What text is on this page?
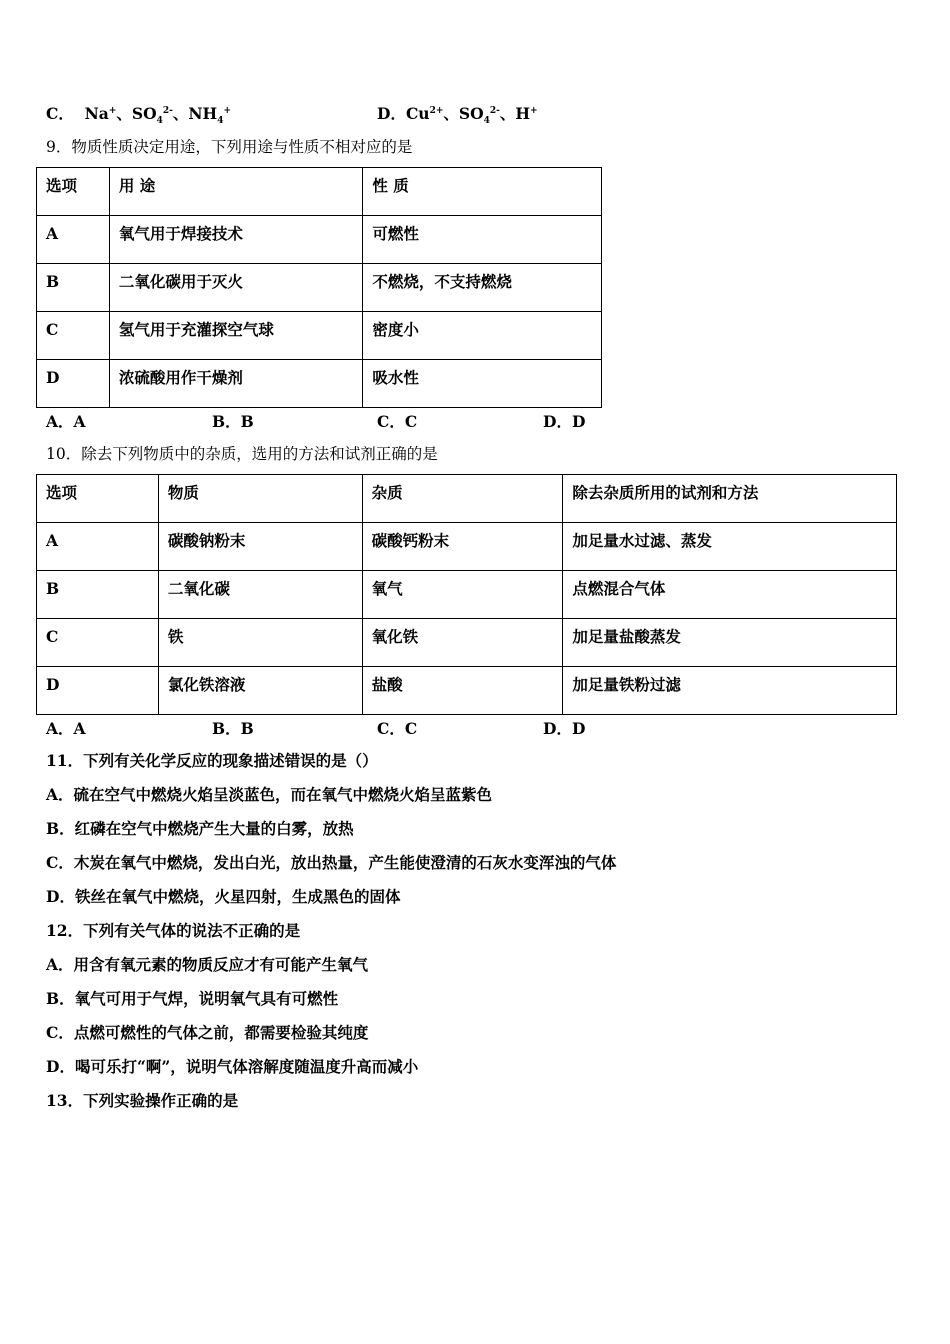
C． Na+、$SO_4^{2-}$、$NH_4^+$	D．$Cu^{2+}$、$SO_4^{2-}$、H+
9．物质性质决定用途，下列用途与性质不相对应的是
选项	用 途	性 质

A	氧气用于焊接技术	可燃性

B	二氧化碳用于灭火	不燃烧，不支持燃烧

C	氢气用于充灌探空气球	密度小

D	浓硫酸用作干燥剂	吸水性
A．A	B．B	C．C	D．D
10．除去下列物质中的杂质，选用的方法和试剂正确的是
选项	物质	杂质	除去杂质所用的试剂和方法

A	碳酸钠粉末	碳酸钙粉末	加足量水过滤、蒸发

B	二氧化碳	氧气	点燃混合气体

C	铁	氧化铁	加足量盐酸蒸发

D	氯化铁溶液	盐酸	加足量铁粉过滤
A．A	B．B	C．C	D．D
11．下列有关化学反应的现象描述错误的是（）
A．硫在空气中燃烧火焰呈淡蓝色，而在氧气中燃烧火焰呈蓝紫色
B．红磷在空气中燃烧产生大量的白雾，放热
C．木炭在氧气中燃烧，发出白光，放出热量，产生能使澄清的石灰水变浑浊的气体
D．铁丝在氧气中燃烧，火星四射，生成黑色的固体
12．下列有关气体的说法不正确的是
A．用含有氧元素的物质反应才有可能产生氧气
B．氧气可用于气焊，说明氧气具有可燃性
C．点燃可燃性的气体之前，都需要检验其纯度
D．喝可乐打“啊”，说明气体溶解度随温度升高而减小
13．下列实验操作正确的是
